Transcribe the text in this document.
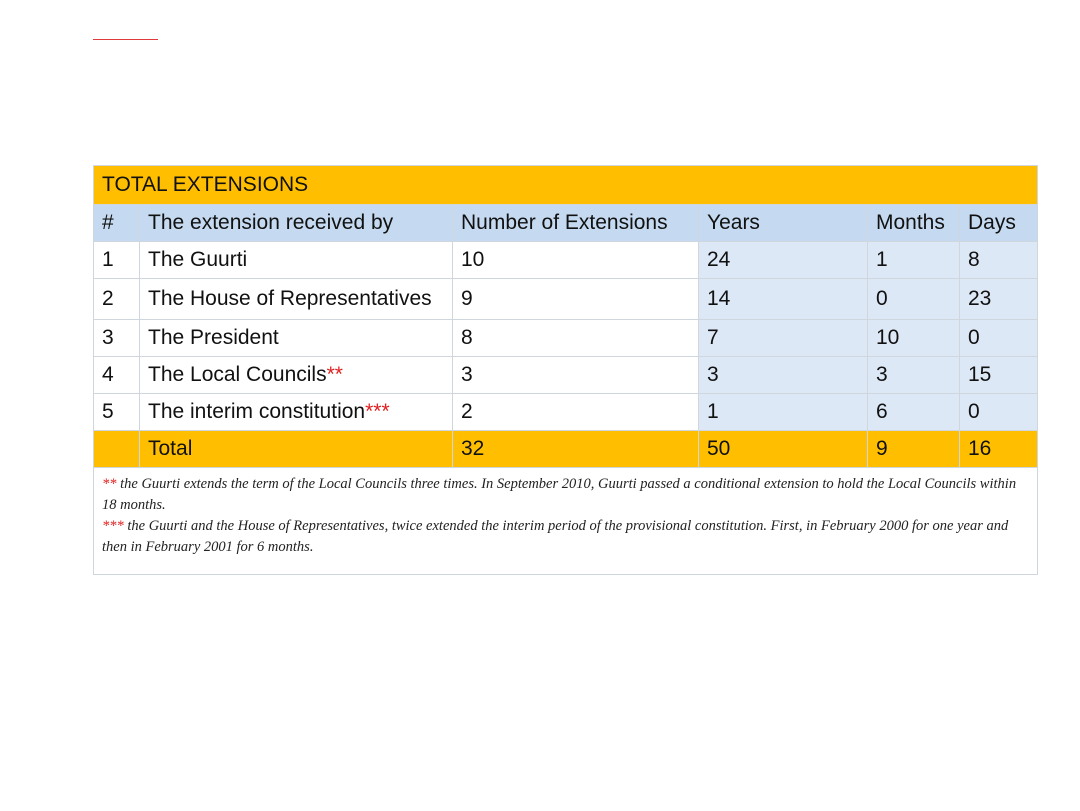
TOTAL EXTENSIONS					
#	The extension received by	Number of Extensions	Years	Months	Days
1	The Guurti	10	24	1	8
2	The House of Representatives	9	14	0	23
3	The President	8	7	10	0
4	The Local Councils**	3	3	3	15
5	The interim constitution***	2	1	6	0
	Total	32	50	9	16

** the Guurti extends the term of the Local Councils three times. In September 2010, Guurti passed a conditional extension to hold the Local Councils within 18 months.
*** the Guurti and the House of Representatives, twice extended the interim period of the provisional constitution. First, in February 2000 for one year and then in February 2001 for 6 months.					
